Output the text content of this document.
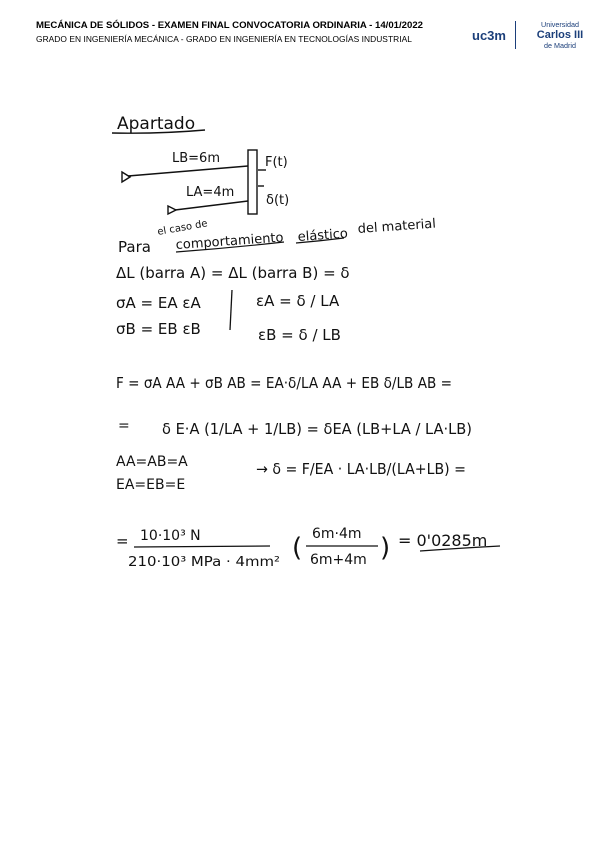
MECÁNICA DE SÓLIDOS - EXAMEN FINAL CONVOCATORIA ORDINARIA - 14/01/2022
GRADO EN INGENIERÍA MECÁNICA - GRADO EN INGENIERÍA EN TECNOLOGÍAS INDUSTRIAL	uc3m
Universidad
Carlos III
de Madrid
Apartado
LB=6m
LA=4m
F(t)
δ(t)
Para
el caso de
comportamiento elástico del material
ΔL (barra A) = ΔL (barra B) = δ
σA = EA εA
σB = EB εB
εA = δ / LA
εB = δ / LB
F = σA AA + σB AB = EA·δ/LA AA + EB δ/LB AB =
= δ E·A (1/LA + 1/LB) = δEA (LB+LA / LA·LB)
AA=AB=A
EA=EB=E
→ δ = F/EA · LA·LB/(LA+LB) =
= 10·10³ N
210·10³ MPa · 4mm² ( 6m·4m
6m+4m ) = 0'0285m
